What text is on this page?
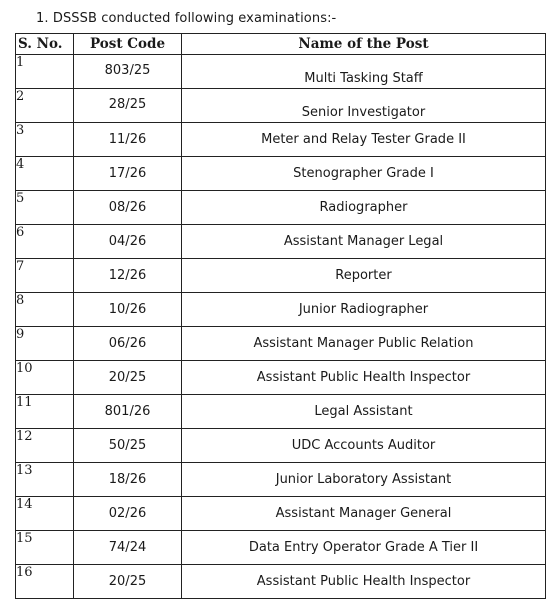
1. DSSSB conducted following examinations:-
S. No.	Post Code	Name of the Post
1	803/25	Multi Tasking Staff
2	28/25	Senior Investigator
3	11/26	Meter and Relay Tester Grade II
4	17/26	Stenographer Grade I
5	08/26	Radiographer
6	04/26	Assistant Manager Legal
7	12/26	Reporter
8	10/26	Junior Radiographer
9	06/26	Assistant Manager Public Relation
10	20/25	Assistant Public Health Inspector
11	801/26	Legal Assistant
12	50/25	UDC Accounts Auditor
13	18/26	Junior Laboratory Assistant
14	02/26	Assistant Manager General
15	74/24	Data Entry Operator Grade A Tier II
16	20/25	Assistant Public Health Inspector
